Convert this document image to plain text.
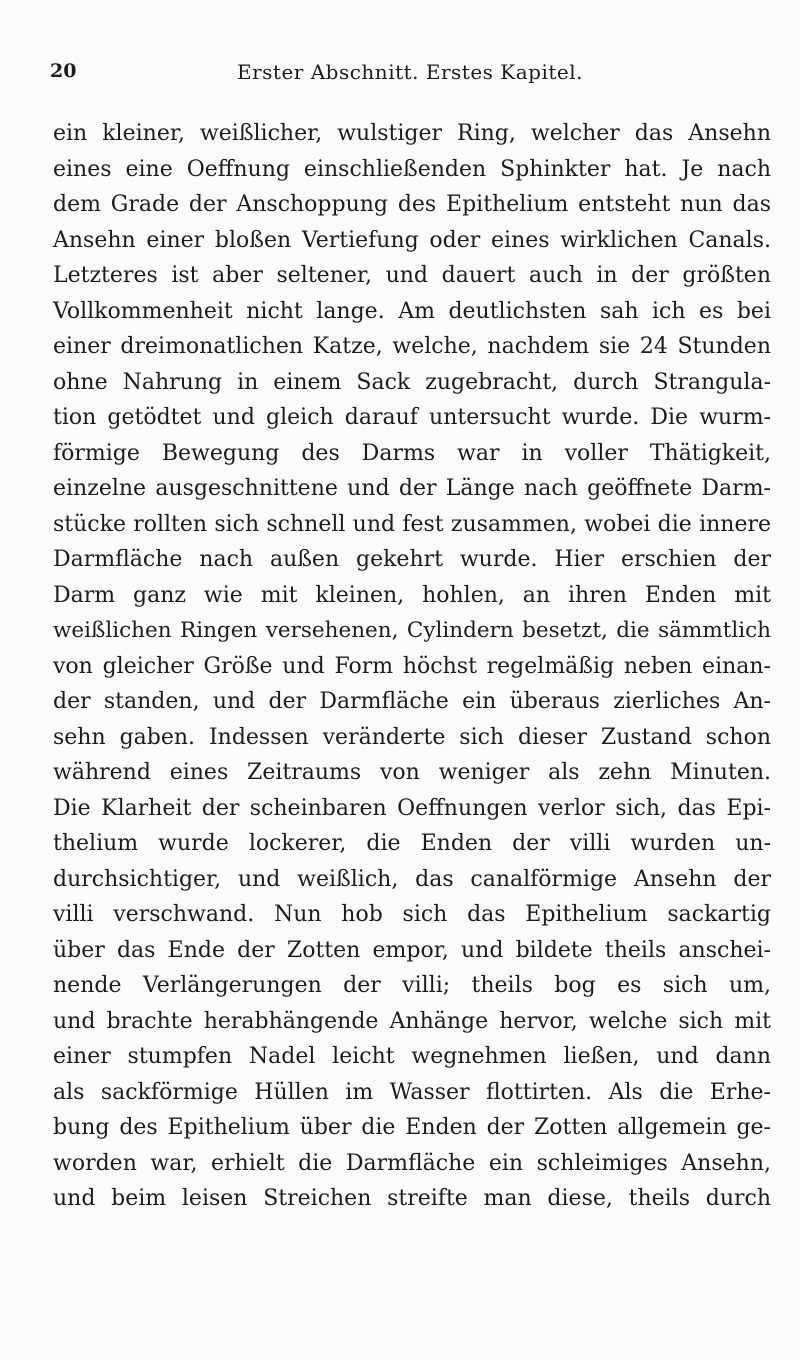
20	Erster Abschnitt. Erstes Kapitel.
ein kleiner, weißlicher, wulstiger Ring, welcher das Ansehn
eines eine Oeffnung einschließenden Sphinkter hat. Je nach
dem Grade der Anschoppung des Epithelium entsteht nun das
Ansehn einer bloßen Vertiefung oder eines wirklichen Canals.
Letzteres ist aber seltener, und dauert auch in der größten
Vollkommenheit nicht lange. Am deutlichsten sah ich es bei
einer dreimonatlichen Katze, welche, nachdem sie 24 Stunden
ohne Nahrung in einem Sack zugebracht, durch Strangula-
tion getödtet und gleich darauf untersucht wurde. Die wurm-
förmige Bewegung des Darms war in voller Thätigkeit,
einzelne ausgeschnittene und der Länge nach geöffnete Darm-
stücke rollten sich schnell und fest zusammen, wobei die innere
Darmfläche nach außen gekehrt wurde. Hier erschien der
Darm ganz wie mit kleinen, hohlen, an ihren Enden mit
weißlichen Ringen versehenen, Cylindern besetzt, die sämmtlich
von gleicher Größe und Form höchst regelmäßig neben einan-
der standen, und der Darmfläche ein überaus zierliches An-
sehn gaben. Indessen veränderte sich dieser Zustand schon
während eines Zeitraums von weniger als zehn Minuten.
Die Klarheit der scheinbaren Oeffnungen verlor sich, das Epi-
thelium wurde lockerer, die Enden der villi wurden un-
durchsichtiger, und weißlich, das canalförmige Ansehn der
villi verschwand. Nun hob sich das Epithelium sackartig
über das Ende der Zotten empor, und bildete theils anschei-
nende Verlängerungen der villi; theils bog es sich um,
und brachte herabhängende Anhänge hervor, welche sich mit
einer stumpfen Nadel leicht wegnehmen ließen, und dann
als sackförmige Hüllen im Wasser flottirten. Als die Erhe-
bung des Epithelium über die Enden der Zotten allgemein ge-
worden war, erhielt die Darmfläche ein schleimiges Ansehn,
und beim leisen Streichen streifte man diese, theils durch
